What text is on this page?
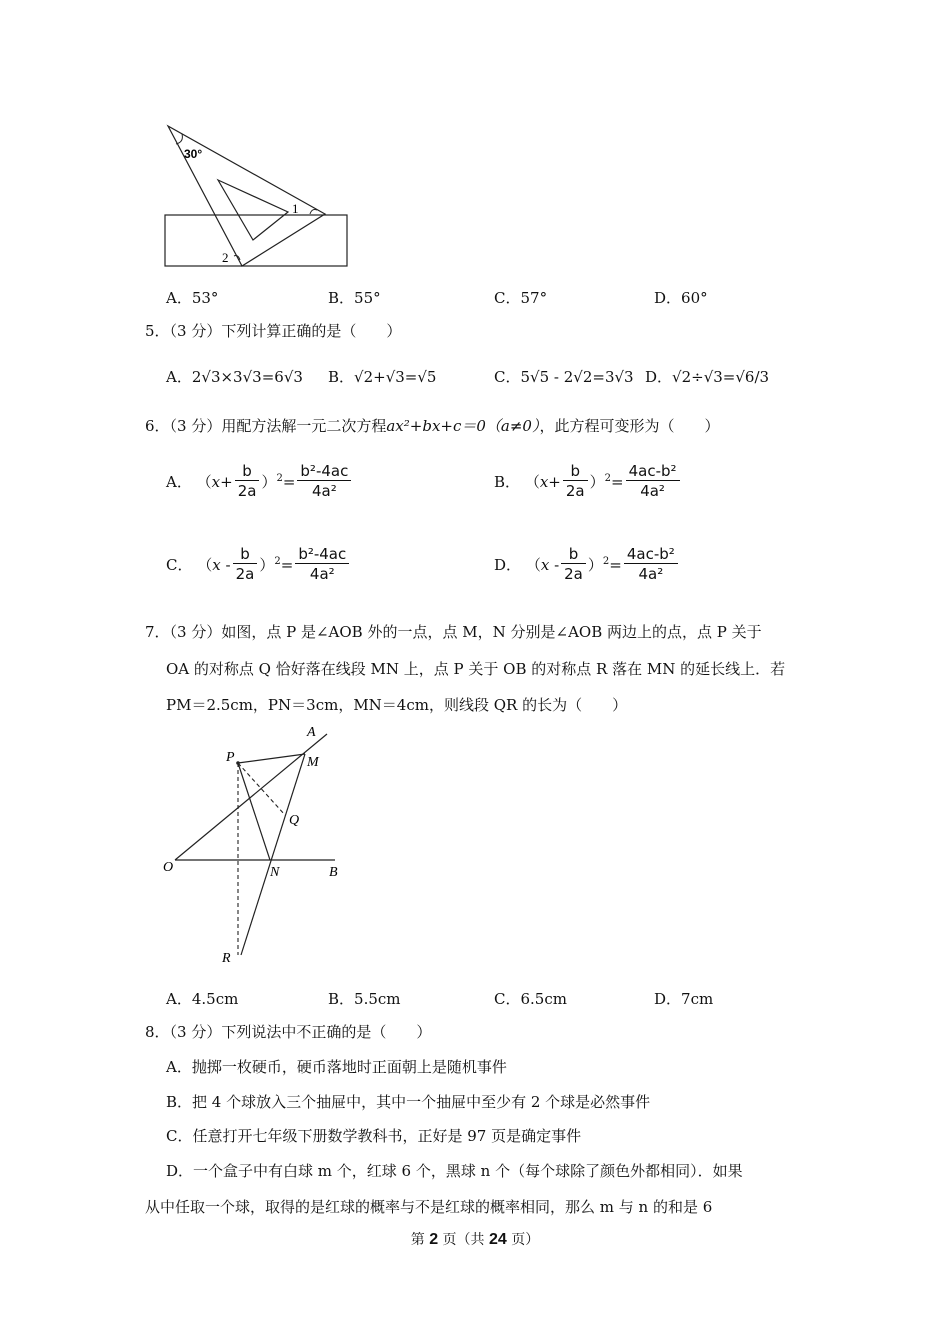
30°
1
2
A．53°	B．55°	C．57°	D．60°
5．（3 分）下列计算正确的是（　　）
A．2√3×3√3=6√3 B．√2+√3=√5	C．5√5 - 2√2=3√3 D．√2÷√3=√6/3
6．（3 分）用配方法解一元二次方程ax²+bx+c＝0（a≠0），此方程可变形为（　　）
A． $(x+ \frac{b}{2a} )^2= \frac{\text{b²-4ac}}{\text{4a²}}$	B． $(x+ \frac{b}{2a} )^2= \frac{\text{4ac-b²}}{\text{4a²}}$
C． $(x - \frac{b}{2a} )^2= \frac{\text{b²-4ac}}{\text{4a²}}$	D． $(x - \frac{b}{2a} )^2= \frac{\text{4ac-b²}}{\text{4a²}}$
7．（3 分）如图，点 P 是∠AOB 外的一点，点 M，N 分别是∠AOB 两边上的点，点 P 关于
OA 的对称点 Q 恰好落在线段 MN 上，点 P 关于 OB 的对称点 R 落在 MN 的延长线上．若
PM＝2.5cm，PN＝3cm，MN＝4cm，则线段 QR 的长为（　　）
A
P	M
Q
O	N	B
R
A．4.5cm	B．5.5cm	C．6.5cm	D．7cm
8．（3 分）下列说法中不正确的是（　　）
A．抛掷一枚硬币，硬币落地时正面朝上是随机事件
B．把 4 个球放入三个抽屉中，其中一个抽屉中至少有 2 个球是必然事件
C．任意打开七年级下册数学教科书，正好是 97 页是确定事件
D．一个盒子中有白球 m 个，红球 6 个，黑球 n 个（每个球除了颜色外都相同）．如果
从中任取一个球，取得的是红球的概率与不是红球的概率相同，那么 m 与 n 的和是 6
第 2 页（共 24 页）
